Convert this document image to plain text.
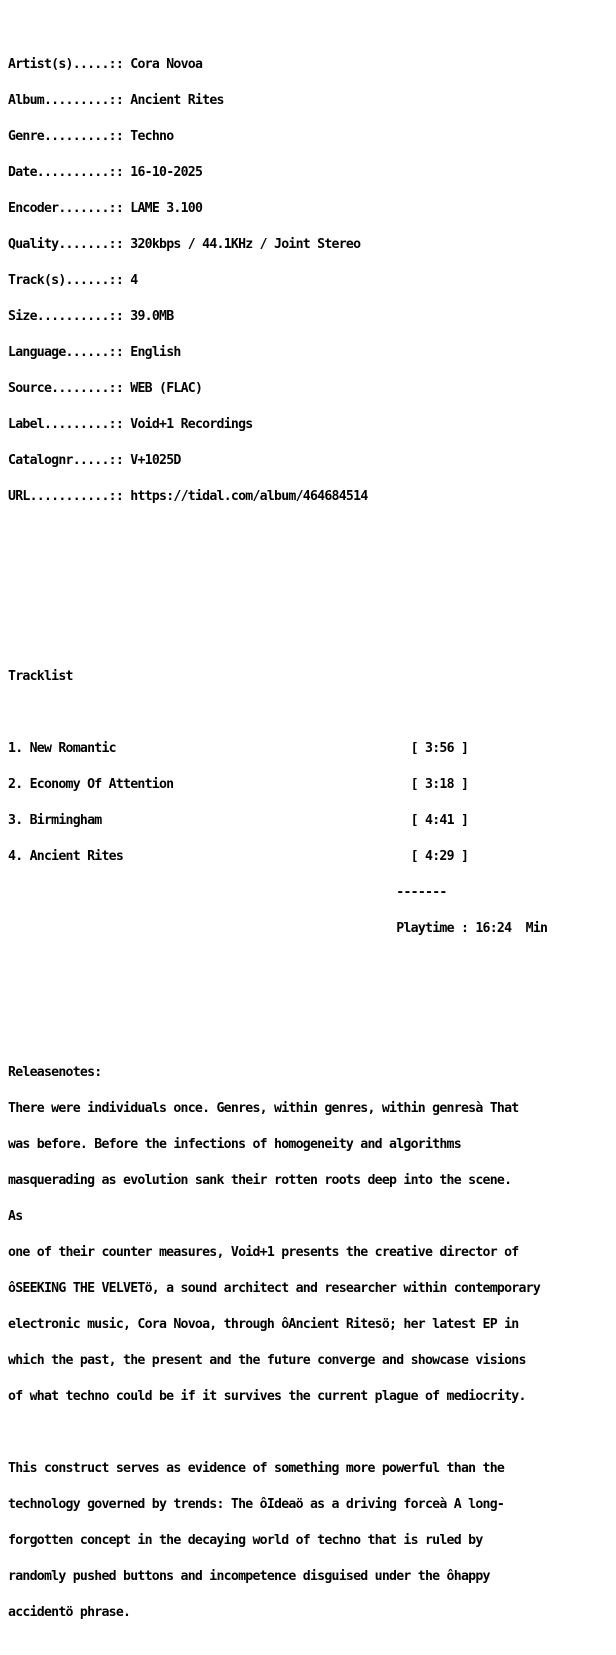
Artist(s).....:: Cora Novoa

Album.........:: Ancient Rites

Genre.........:: Techno

Date..........:: 16-10-2025

Encoder.......:: LAME 3.100

Quality.......:: 320kbps / 44.1KHz / Joint Stereo

Track(s)......:: 4

Size..........:: 39.0MB

Language......:: English

Source........:: WEB (FLAC)

Label.........:: Void+1 Recordings

Catalognr.....:: V+1025D

URL...........:: https://tidal.com/album/464684514

Tracklist

1. New Romantic	[ 3:56 ]

2. Economy Of Attention	[ 3:18 ]

3. Birmingham	[ 4:41 ]

4. Ancient Rites	[ 4:29 ]

-------

Playtime : 16:24  Min

Releasenotes:

There were individuals once. Genres, within genres, within genresà That

was before. Before the infections of homogeneity and algorithms

masquerading as evolution sank their rotten roots deep into the scene.

As

one of their counter measures, Void+1 presents the creative director of

ôSEEKING THE VELVETö, a sound architect and researcher within contemporary

electronic music, Cora Novoa, through ôAncient Ritesö; her latest EP in

which the past, the present and the future converge and showcase visions

of what techno could be if it survives the current plague of mediocrity.

This construct serves as evidence of something more powerful than the

technology governed by trends: The ôIdeaö as a driving forceà A long-

forgotten concept in the decaying world of techno that is ruled by

randomly pushed buttons and incompetence disguised under the ôhappy

accidentö phrase.
